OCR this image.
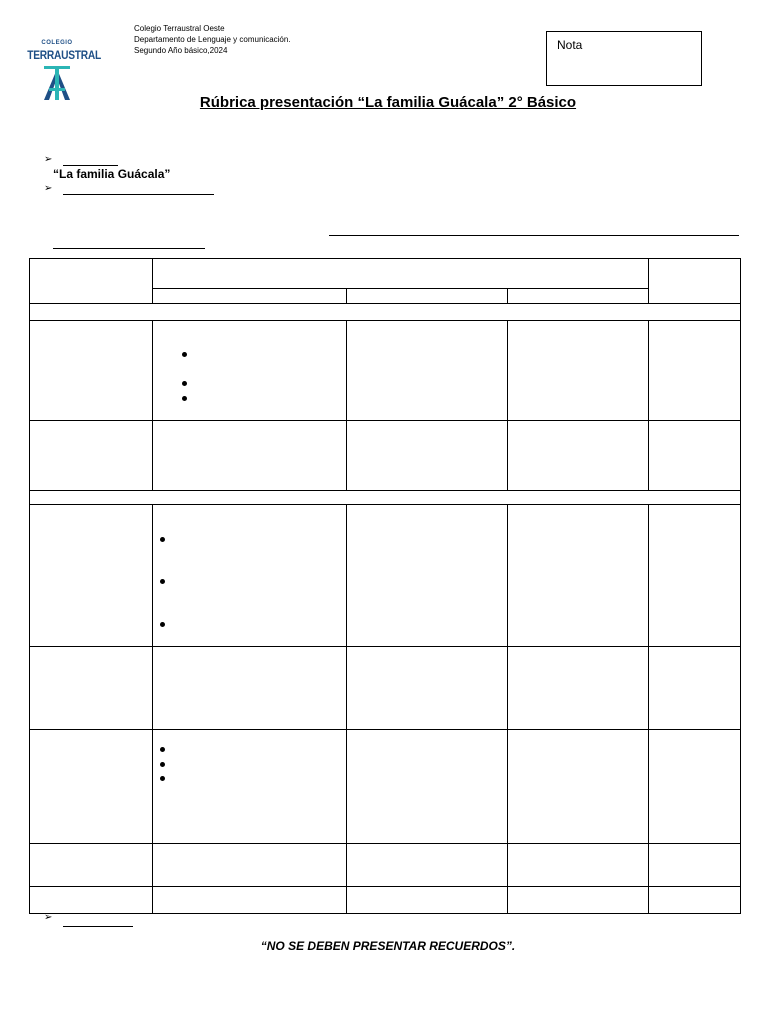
COLEGIO
TERRAUSTRAL
Colegio Terraustral Oeste
Departamento de Lenguaje y comunicación.
Segundo Año básico,2024	Nota
Rúbrica presentación “La familia Guácala” 2° Básico
➢
“La familia Guácala”
➢
➢
“NO SE DEBEN PRESENTAR RECUERDOS”.
